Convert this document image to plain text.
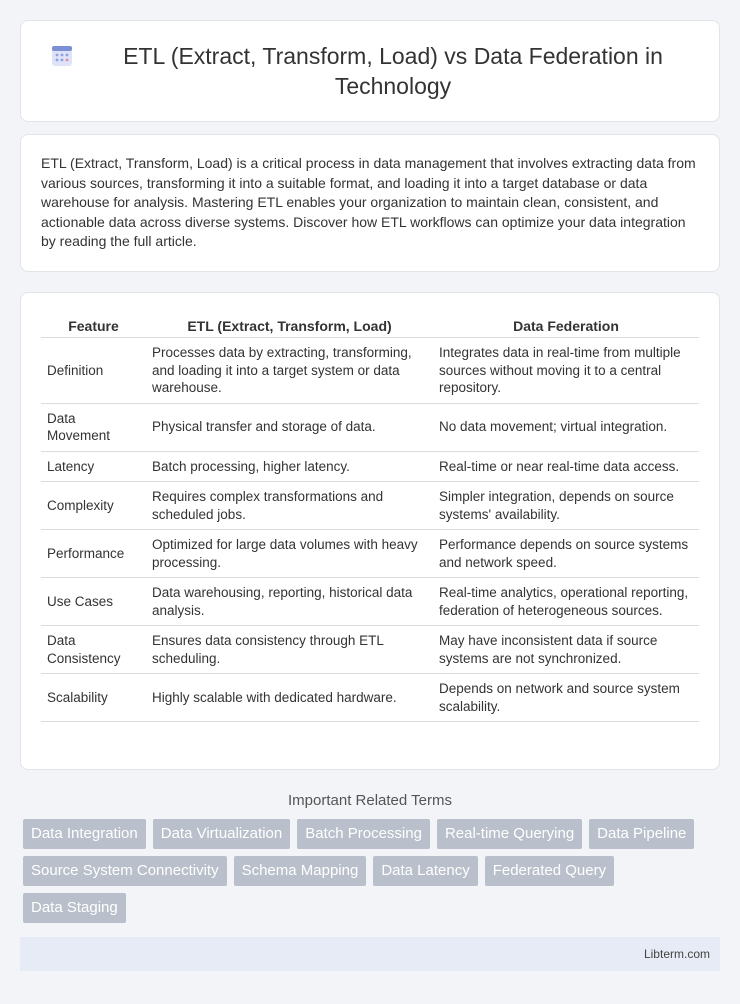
ETL (Extract, Transform, Load) vs Data Federation in Technology

ETL (Extract, Transform, Load) is a critical process in data management that involves extracting data from various sources, transforming it into a suitable format, and loading it into a target database or data warehouse for analysis. Mastering ETL enables your organization to maintain clean, consistent, and actionable data across diverse systems. Discover how ETL workflows can optimize your data integration by reading the full article.

Feature	ETL (Extract, Transform, Load)	Data Federation
Definition	Processes data by extracting, transforming, and loading it into a target system or data warehouse.	Integrates data in real-time from multiple sources without moving it to a central repository.
Data Movement	Physical transfer and storage of data.	No data movement; virtual integration.
Latency	Batch processing, higher latency.	Real-time or near real-time data access.
Complexity	Requires complex transformations and scheduled jobs.	Simpler integration, depends on source systems' availability.
Performance	Optimized for large data volumes with heavy processing.	Performance depends on source systems and network speed.
Use Cases	Data warehousing, reporting, historical data analysis.	Real-time analytics, operational reporting, federation of heterogeneous sources.
Data Consistency	Ensures data consistency through ETL scheduling.	May have inconsistent data if source systems are not synchronized.
Scalability	Highly scalable with dedicated hardware.	Depends on network and source system scalability.
Important Related Terms
Data Integration	Data Virtualization	Batch Processing	Real-time Querying	Data Pipeline
Source System Connectivity	Schema Mapping	Data Latency	Federated Query
Data Staging
Libterm.com
